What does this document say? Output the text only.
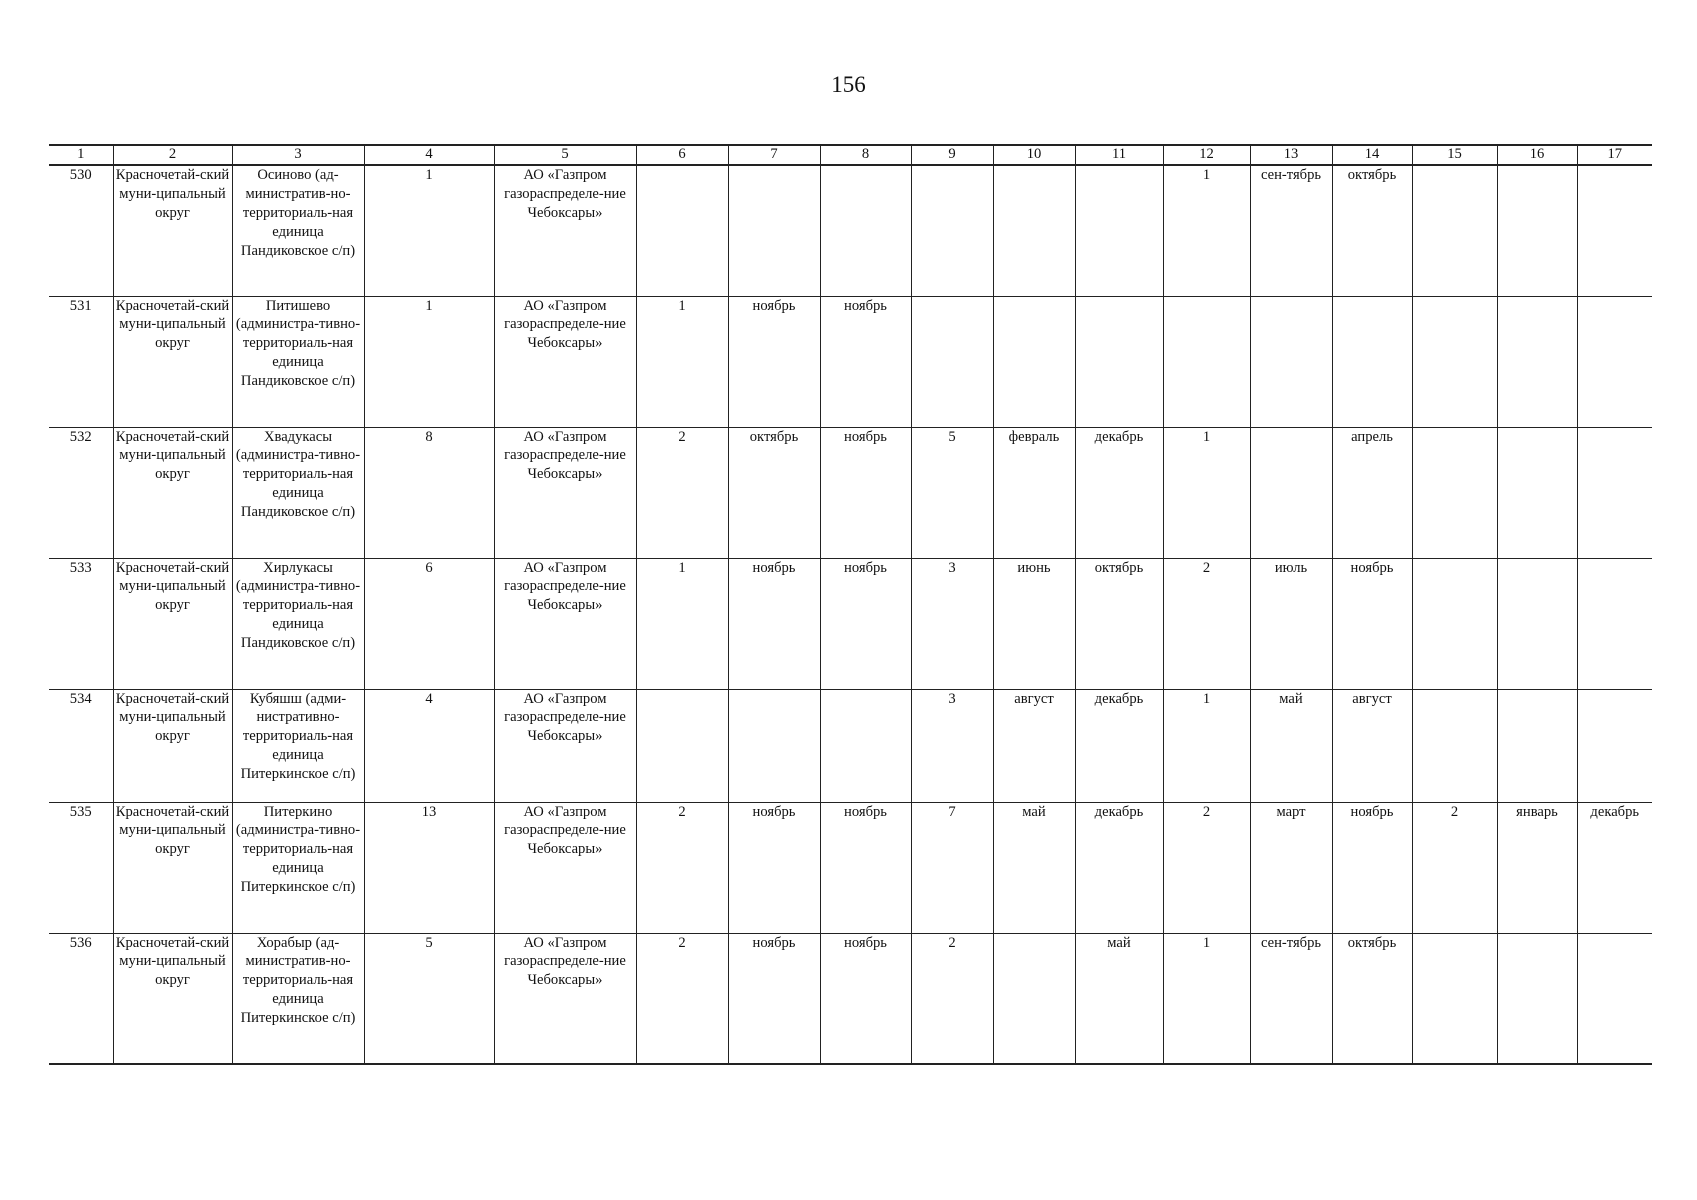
156
1	2	3	4	5	6	7	8	9	10	11	12	13	14	15	16	17
530	Красночетай-ский муни-ципальный округ	Осиново (ад-министратив-но-территориаль-ная единица Пандиковское с/п)	1	АО «Газпром газораспределе-ние Чебоксары»							1	сен-тябрь	октябрь			
531	Красночетай-ский муни-ципальный округ	Питишево (администра-тивно-территориаль-ная единица Пандиковское с/п)	1	АО «Газпром газораспределе-ние Чебоксары»	1	ноябрь	ноябрь									
532	Красночетай-ский муни-ципальный округ	Хвадукасы (администра-тивно-территориаль-ная единица Пандиковское с/п)	8	АО «Газпром газораспределе-ние Чебоксары»	2	октябрь	ноябрь	5	февраль	декабрь	1		апрель			
533	Красночетай-ский муни-ципальный округ	Хирлукасы (администра-тивно-территориаль-ная единица Пандиковское с/п)	6	АО «Газпром газораспределе-ние Чебоксары»	1	ноябрь	ноябрь	3	июнь	октябрь	2	июль	ноябрь			
534	Красночетай-ский муни-ципальный округ	Кубяшш (адми-нистративно-территориаль-ная единица Питеркинское с/п)	4	АО «Газпром газораспределе-ние Чебоксары»				3	август	декабрь	1	май	август			
535	Красночетай-ский муни-ципальный округ	Питеркино (администра-тивно-территориаль-ная единица Питеркинское с/п)	13	АО «Газпром газораспределе-ние Чебоксары»	2	ноябрь	ноябрь	7	май	декабрь	2	март	ноябрь	2	январь	декабрь
536	Красночетай-ский муни-ципальный округ	Хорабыр (ад-министратив-но-территориаль-ная единица Питеркинское с/п)	5	АО «Газпром газораспределе-ние Чебоксары»	2	ноябрь	ноябрь	2		май	1	сен-тябрь	октябрь			
